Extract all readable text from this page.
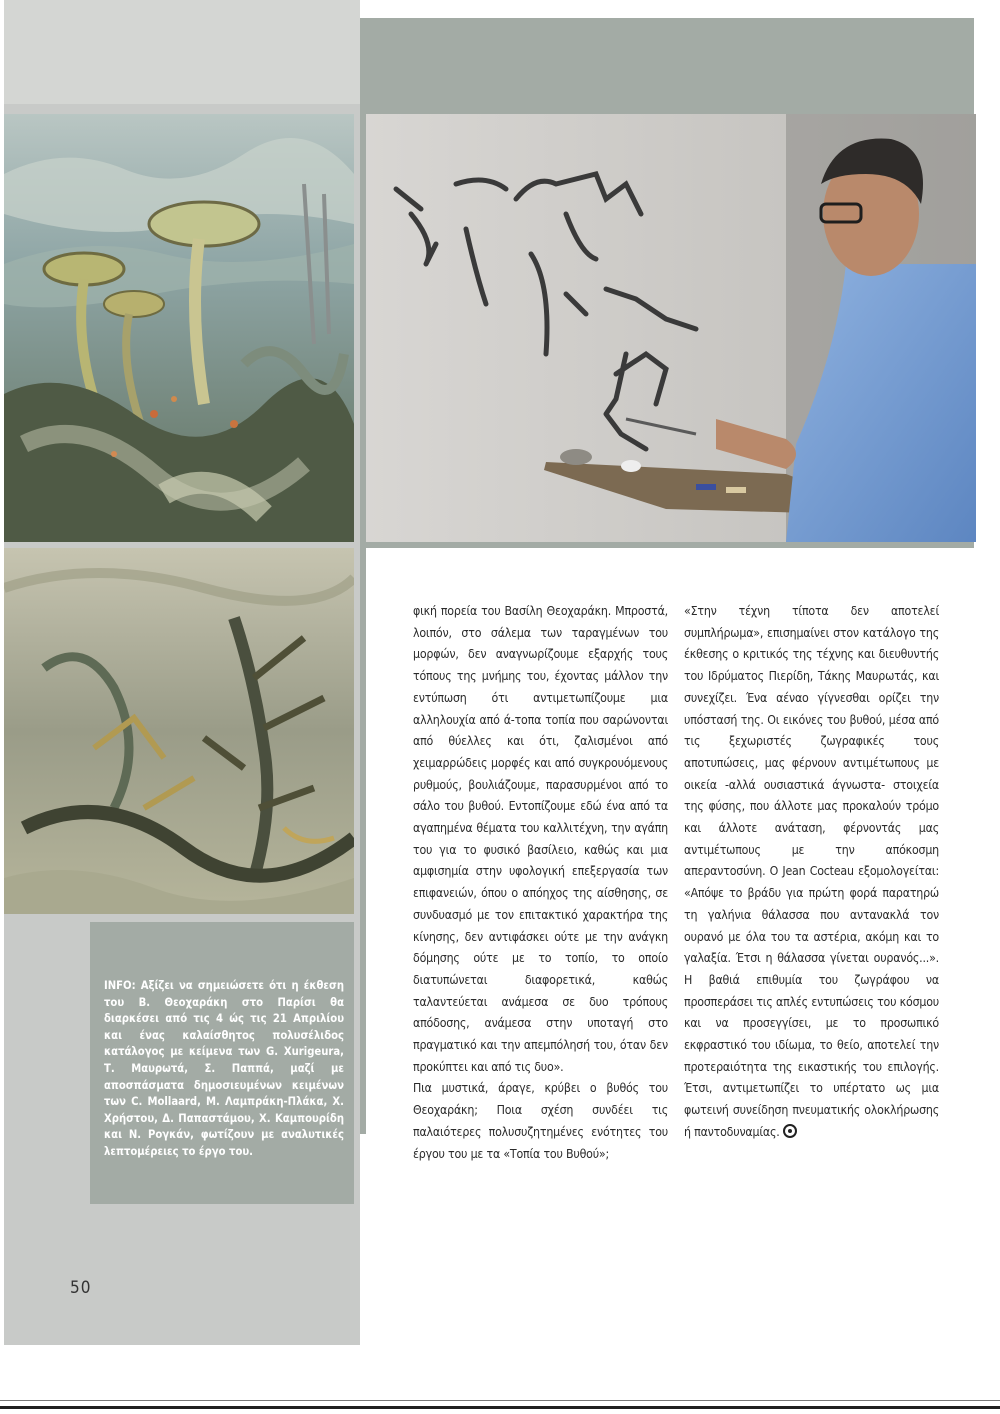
INFO: Αξίζει να σημειώσετε ότι η έκθεση του Β. Θεοχαράκη στο Παρίσι θα διαρκέσει από τις 4 ώς τις 21 Απριλίου και ένας καλαίσθητος πολυσέλιδος κατάλογος με κείμενα των G. Xurigeura, Τ. Μαυρωτά, Σ. Παππά, μαζί με αποσπάσματα δημοσιευμένων κειμένων των C. Mollaard, M. Λαμπράκη-Πλάκα, Χ. Χρήστου, Δ. Παπαστάμου, Χ. Καμπουρίδη και Ν. Ρογκάν, φωτίζουν με αναλυτικές λεπτομέρειες το έργο του.

φική πορεία του Βασίλη Θεοχαράκη. Μπροστά, λοιπόν, στο σάλεμα των ταραγμένων του μορφών, δεν αναγνωρίζουμε εξαρχής τους τόπους της μνήμης του, έχοντας μάλλον την εντύπωση ότι αντιμετωπίζουμε μια αλληλουχία από ά-τοπα τοπία που σαρώνονται από θύελλες και ότι, ζαλισμένοι από χειμαρρώδεις μορφές και από συγκρουόμενους ρυθμούς, βουλιάζουμε, παρασυρμένοι από το σάλο του βυθού. Εντοπίζουμε εδώ ένα από τα αγαπημένα θέματα του καλλιτέχνη, την αγάπη του για το φυσικό βασίλειο, καθώς και μια αμφισημία στην υφολογική επεξεργασία των επιφανειών, όπου ο απόηχος της αίσθησης, σε συνδυασμό με τον επιτακτικό χαρακτήρα της κίνησης, δεν αντιφάσκει ούτε με την ανάγκη δόμησης ούτε με το τοπίο, το οποίο διατυπώνεται διαφορετικά, καθώς ταλαντεύεται ανάμεσα σε δυο τρόπους απόδοσης, ανάμεσα στην υποταγή στο πραγματικό και την απεμπόλησή του, όταν δεν προκύπτει και από τις δυο».

Πια μυστικά, άραγε, κρύβει ο βυθός του Θεοχαράκη; Ποια σχέση συνδέει τις παλαιότερες πολυσυζητημένες ενότητες του έργου του με τα «Τοπία του Βυθού»;

«Στην τέχνη τίποτα δεν αποτελεί συμπλήρωμα», επισημαίνει στον κατάλογο της έκθεσης ο κριτικός της τέχνης και διευθυντής του Ιδρύματος Πιερίδη, Τάκης Μαυρωτάς, και συνεχίζει. Ένα αέναο γίγνεσθαι ορίζει την υπόστασή της. Οι εικόνες του βυθού, μέσα από τις ξεχωριστές ζωγραφικές τους αποτυπώσεις, μας φέρνουν αντιμέτωπους με οικεία -αλλά ουσιαστικά άγνωστα- στοιχεία της φύσης, που άλλοτε μας προκαλούν τρόμο και άλλοτε ανάταση, φέρνοντάς μας αντιμέτωπους με την απόκοσμη απεραντοσύνη. Ο Jean Cocteau εξομολογείται: «Απόψε το βράδυ για πρώτη φορά παρατηρώ τη γαλήνια θάλασσα που αντανακλά τον ουρανό με όλα του τα αστέρια, ακόμη και το γαλαξία. Έτσι η θάλασσα γίνεται ουρανός...». Η βαθιά επιθυμία του ζωγράφου να προσπεράσει τις απλές εντυπώσεις του κόσμου και να προσεγγίσει, με το προσωπικό εκφραστικό του ιδίωμα, το θείο, αποτελεί την προτεραιότητα της εικαστικής του επιλογής. Έτσι, αντιμετωπίζει το υπέρτατο ως μια φωτεινή συνείδηση πνευματικής ολοκλήρωσης ή παντοδυναμίας.

50
